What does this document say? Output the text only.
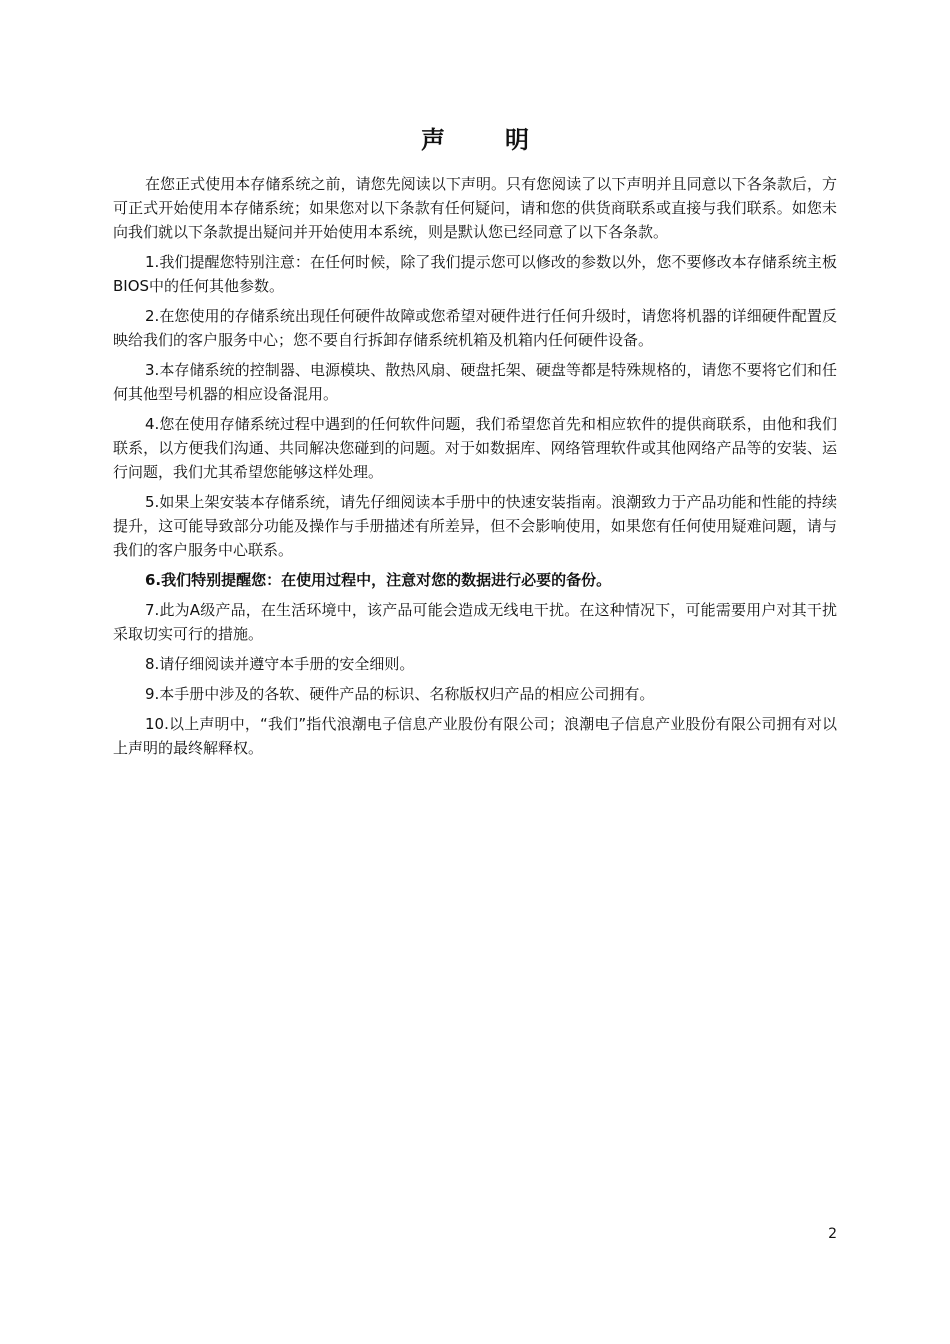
声	明

在您正式使用本存储系统之前，请您先阅读以下声明。只有您阅读了以下声明并且同意以下各条款后，方可正式开始使用本存储系统；如果您对以下条款有任何疑问，请和您的供货商联系或直接与我们联系。如您未向我们就以下条款提出疑问并开始使用本系统，则是默认您已经同意了以下各条款。

1.我们提醒您特别注意：在任何时候，除了我们提示您可以修改的参数以外，您不要修改本存储系统主板BIOS中的任何其他参数。

2.在您使用的存储系统出现任何硬件故障或您希望对硬件进行任何升级时，请您将机器的详细硬件配置反映给我们的客户服务中心；您不要自行拆卸存储系统机箱及机箱内任何硬件设备。

3.本存储系统的控制器、电源模块、散热风扇、硬盘托架、硬盘等都是特殊规格的，请您不要将它们和任何其他型号机器的相应设备混用。

4.您在使用存储系统过程中遇到的任何软件问题，我们希望您首先和相应软件的提供商联系，由他和我们联系，以方便我们沟通、共同解决您碰到的问题。对于如数据库、网络管理软件或其他网络产品等的安装、运行问题，我们尤其希望您能够这样处理。

5.如果上架安装本存储系统，请先仔细阅读本手册中的快速安装指南。浪潮致力于产品功能和性能的持续提升，这可能导致部分功能及操作与手册描述有所差异，但不会影响使用，如果您有任何使用疑难问题，请与我们的客户服务中心联系。

6.我们特别提醒您：在使用过程中，注意对您的数据进行必要的备份。

7.此为A级产品，在生活环境中，该产品可能会造成无线电干扰。在这种情况下，可能需要用户对其干扰采取切实可行的措施。

8.请仔细阅读并遵守本手册的安全细则。

9.本手册中涉及的各软、硬件产品的标识、名称版权归产品的相应公司拥有。

10.以上声明中，“我们”指代浪潮电子信息产业股份有限公司；浪潮电子信息产业股份有限公司拥有对以上声明的最终解释权。

2
